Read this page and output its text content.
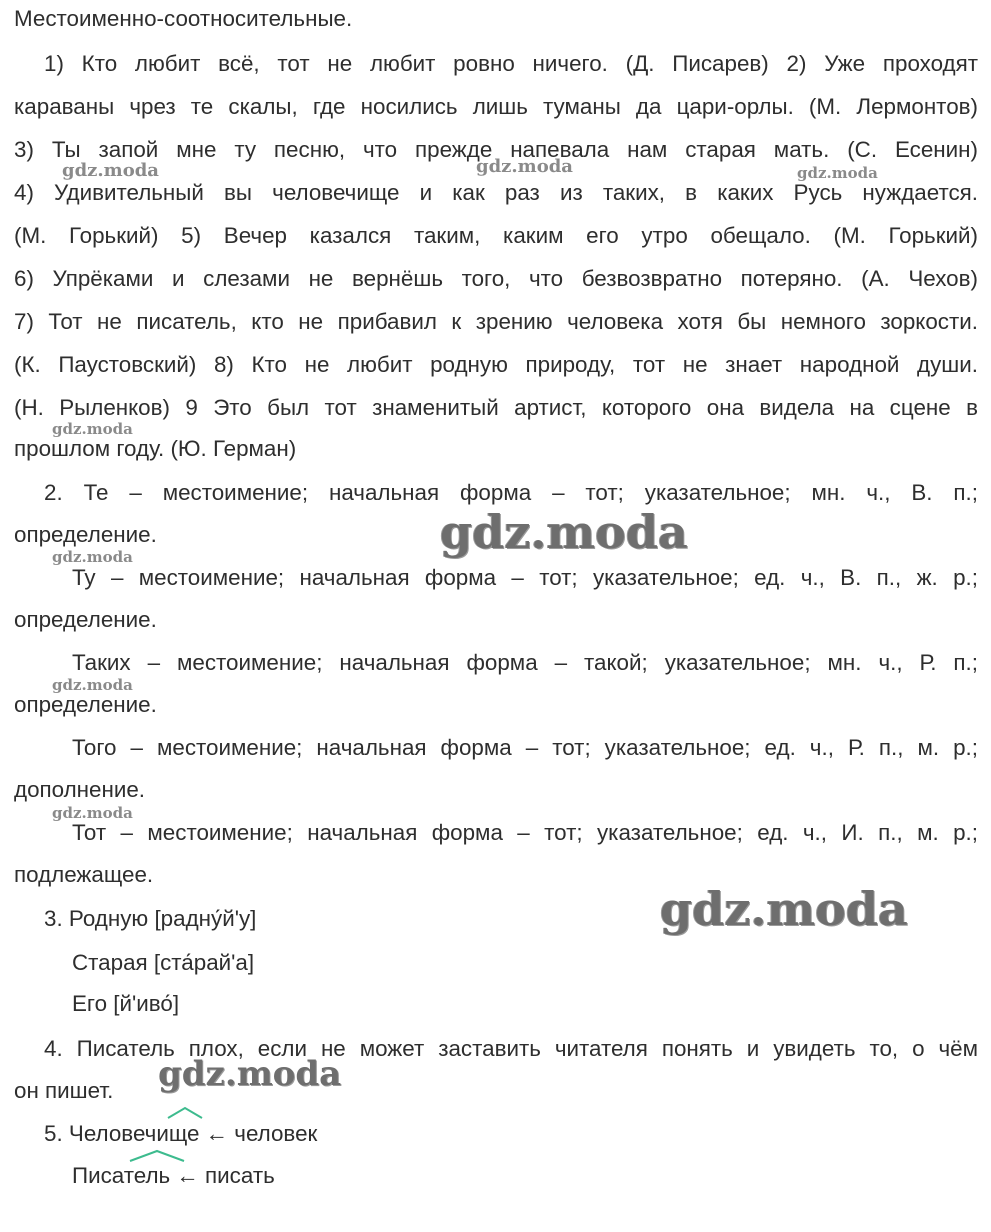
Местоименно-соотносительные.
1) Кто любит всё, тот не любит ровно ничего. (Д. Писарев) 2) Уже проходят
караваны чрез те скалы, где носились лишь туманы да цари-орлы. (М. Лермонтов)
3) Ты запой мне ту песню, что прежде напевала нам старая мать. (С. Есенин)
4) Удивительный вы человечище и как раз из таких, в каких Русь нуждается.
(М. Горький) 5) Вечер казался таким, каким его утро обещало. (М. Горький)
6) Упрёками и слезами не вернёшь того, что безвозвратно потеряно. (А. Чехов)
7) Тот не писатель, кто не прибавил к зрению человека хотя бы немного зоркости.
(К. Паустовский) 8) Кто не любит родную природу, тот не знает народной души.
(Н. Рыленков) 9 Это был тот знаменитый артист, которого она видела на сцене в
прошлом году. (Ю. Герман)
2. Те – местоимение; начальная форма – тот; указательное; мн. ч., В. п.;
определение.
Ту – местоимение; начальная форма – тот; указательное; ед. ч., В. п., ж. р.;
определение.
Таких – местоимение; начальная форма – такой; указательное; мн. ч., Р. п.;
определение.
Того – местоимение; начальная форма – тот; указательное; ед. ч., Р. п., м. р.;
дополнение.
Тот – местоимение; начальная форма – тот; указательное; ед. ч., И. п., м. р.;
подлежащее.
3. Родную [радну́й'у]
Старая [ста́рай'а]
Его [й'иво́]
4. Писатель плох, если не может заставить читателя понять и увидеть то, о чём
он пишет.
5. Человечище ← человек
Писатель ← писать
gdz.moda	gdz.moda	gdz.moda
gdz.moda
gdz.moda
gdz.moda
gdz.moda
gdz.moda
gdz.moda
gdz.moda
